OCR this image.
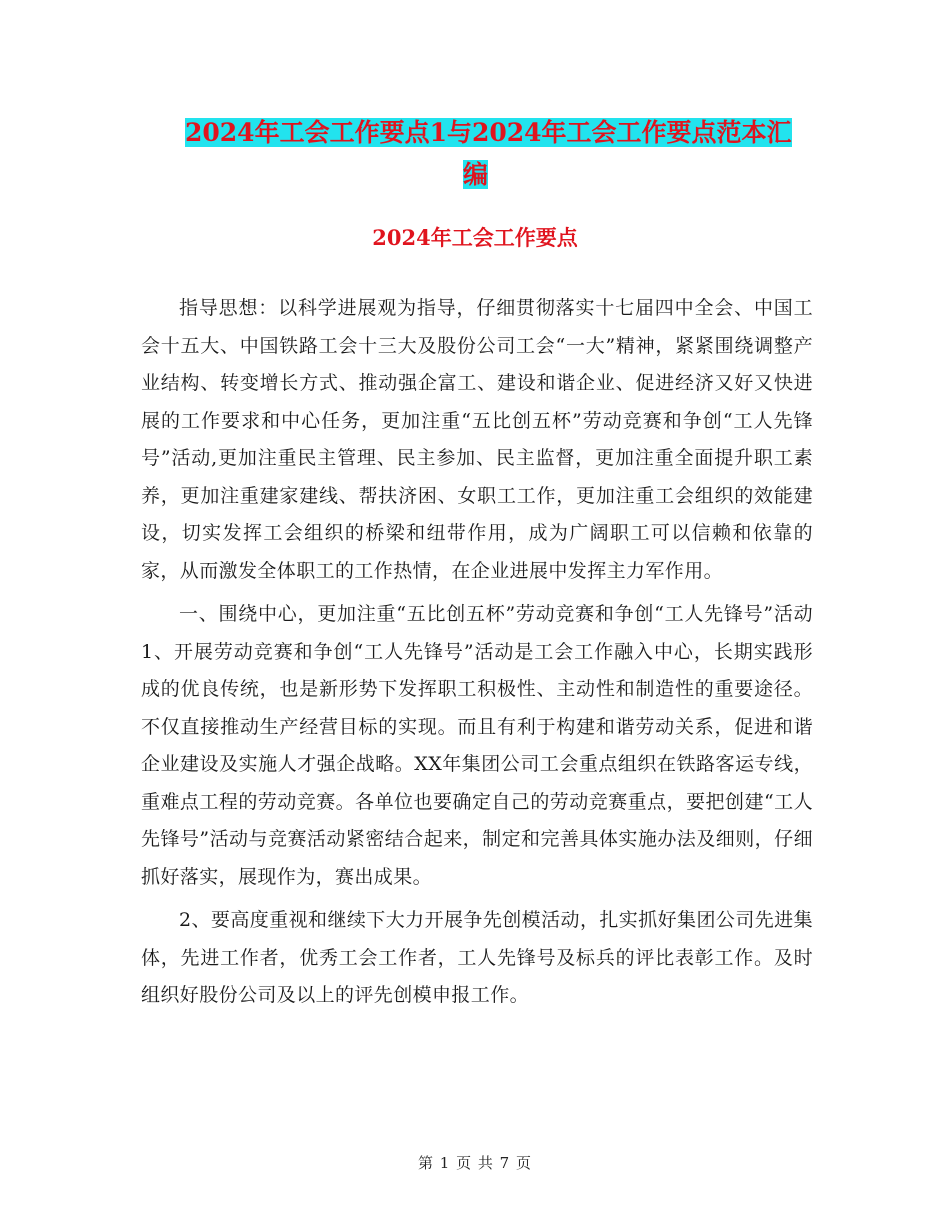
2024年工会工作要点1与2024年工会工作要点范本汇
编
2024年工会工作要点

指导思想：以科学进展观为指导，仔细贯彻落实十七届四中全会、中国工会十五大、中国铁路工会十三大及股份公司工会“一大”精神，紧紧围绕调整产业结构、转变增长方式、推动强企富工、建设和谐企业、促进经济又好又快进展的工作要求和中心任务，更加注重“五比创五杯”劳动竞赛和争创“工人先锋号”活动,更加注重民主管理、民主参加、民主监督，更加注重全面提升职工素养，更加注重建家建线、帮扶济困、女职工工作，更加注重工会组织的效能建设，切实发挥工会组织的桥梁和纽带作用，成为广阔职工可以信赖和依靠的家，从而激发全体职工的工作热情，在企业进展中发挥主力军作用。

一、围绕中心，更加注重“五比创五杯”劳动竞赛和争创“工人先锋号”活动1、开展劳动竞赛和争创“工人先锋号”活动是工会工作融入中心，长期实践形成的优良传统，也是新形势下发挥职工积极性、主动性和制造性的重要途径。不仅直接推动生产经营目标的实现。而且有利于构建和谐劳动关系，促进和谐企业建设及实施人才强企战略。XX年集团公司工会重点组织在铁路客运专线，重难点工程的劳动竞赛。各单位也要确定自己的劳动竞赛重点，要把创建“工人先锋号”活动与竞赛活动紧密结合起来，制定和完善具体实施办法及细则，仔细抓好落实，展现作为，赛出成果。

2、要高度重视和继续下大力开展争先创模活动，扎实抓好集团公司先进集体，先进工作者，优秀工会工作者，工人先锋号及标兵的评比表彰工作。及时组织好股份公司及以上的评先创模申报工作。

第 1 页 共 7 页
